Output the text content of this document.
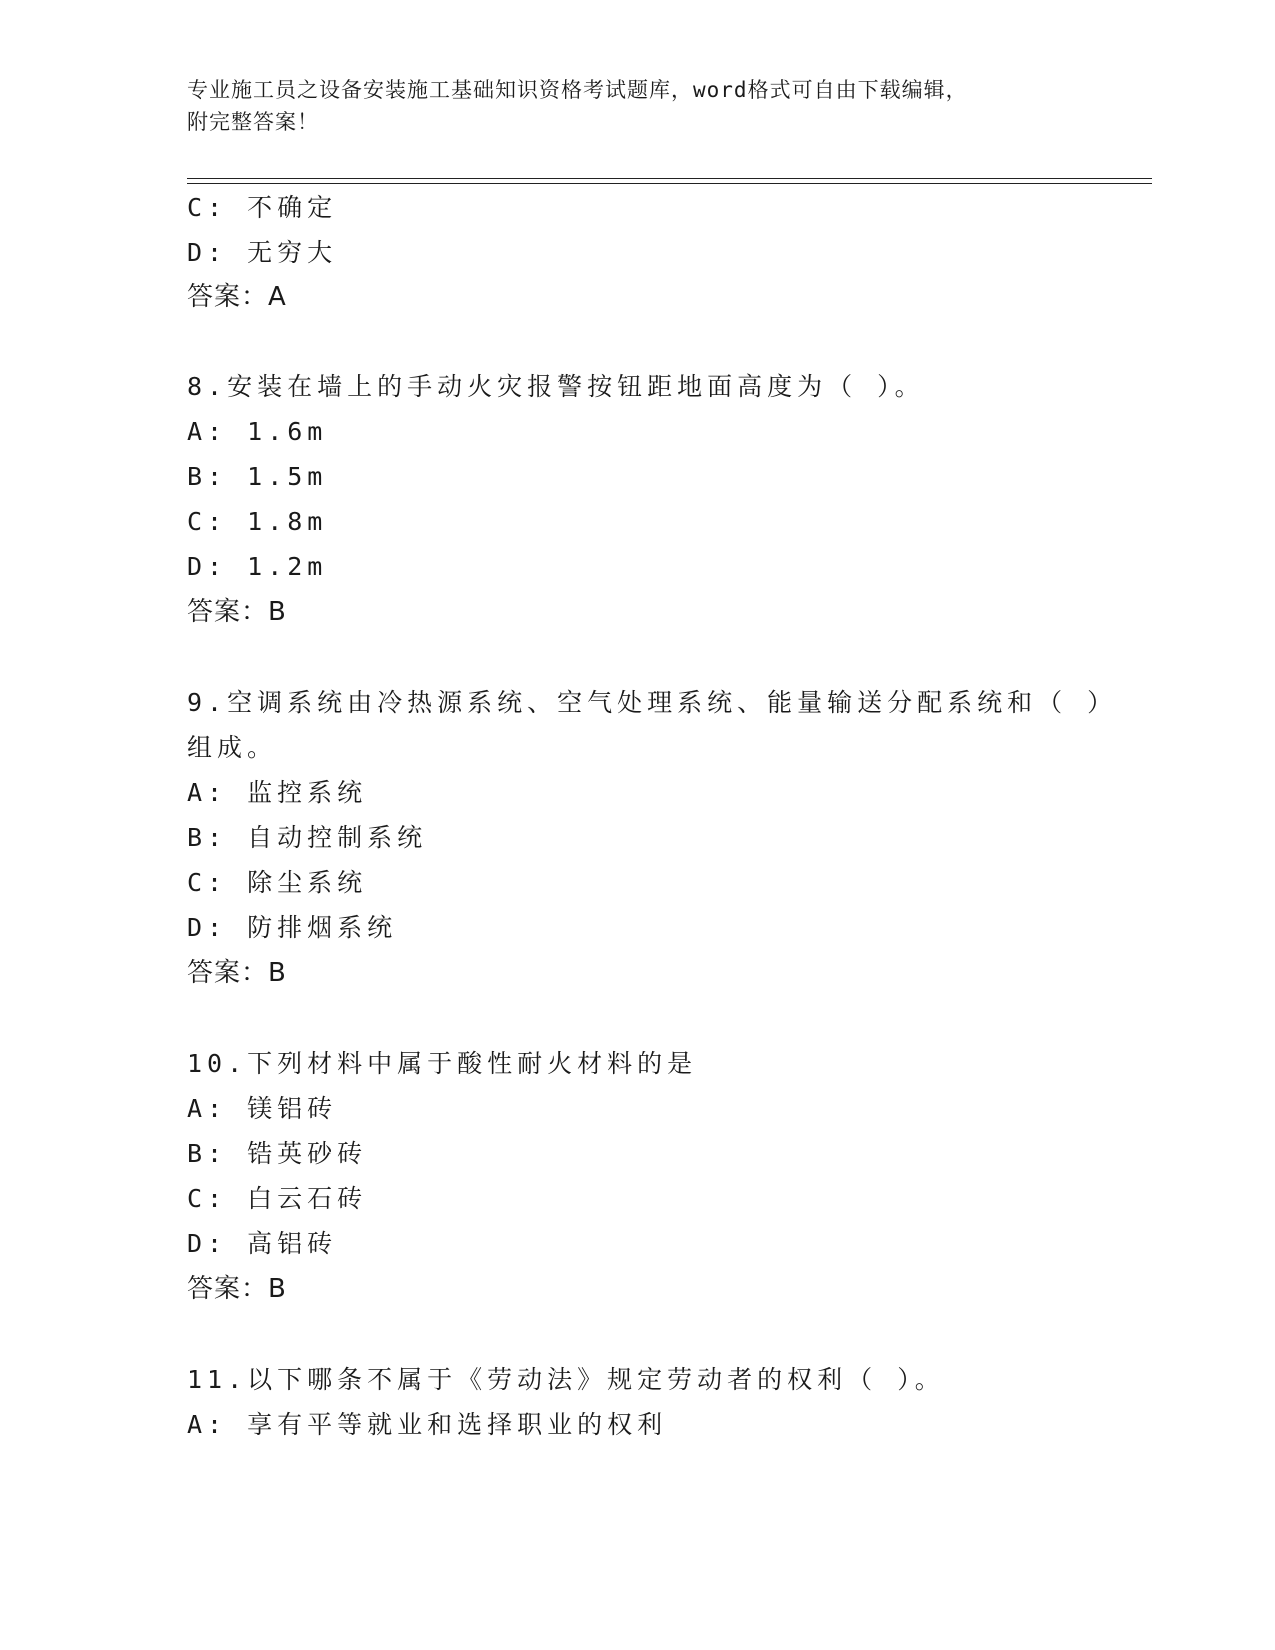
专业施工员之设备安装施工基础知识资格考试题库，word格式可自由下载编辑，
附完整答案！
C: 不确定
D: 无穷大
答案：A
8.安装在墙上的手动火灾报警按钮距地面高度为（ ）。
A: 1.6m
B: 1.5m
C: 1.8m
D: 1.2m
答案：B
9.空调系统由冷热源系统、空气处理系统、能量输送分配系统和（ ）
组成。
A: 监控系统
B: 自动控制系统
C: 除尘系统
D: 防排烟系统
答案：B
10.下列材料中属于酸性耐火材料的是
A: 镁铝砖
B: 锆英砂砖
C: 白云石砖
D: 高铝砖
答案：B
11.以下哪条不属于《劳动法》规定劳动者的权利（ ）。
A: 享有平等就业和选择职业的权利
